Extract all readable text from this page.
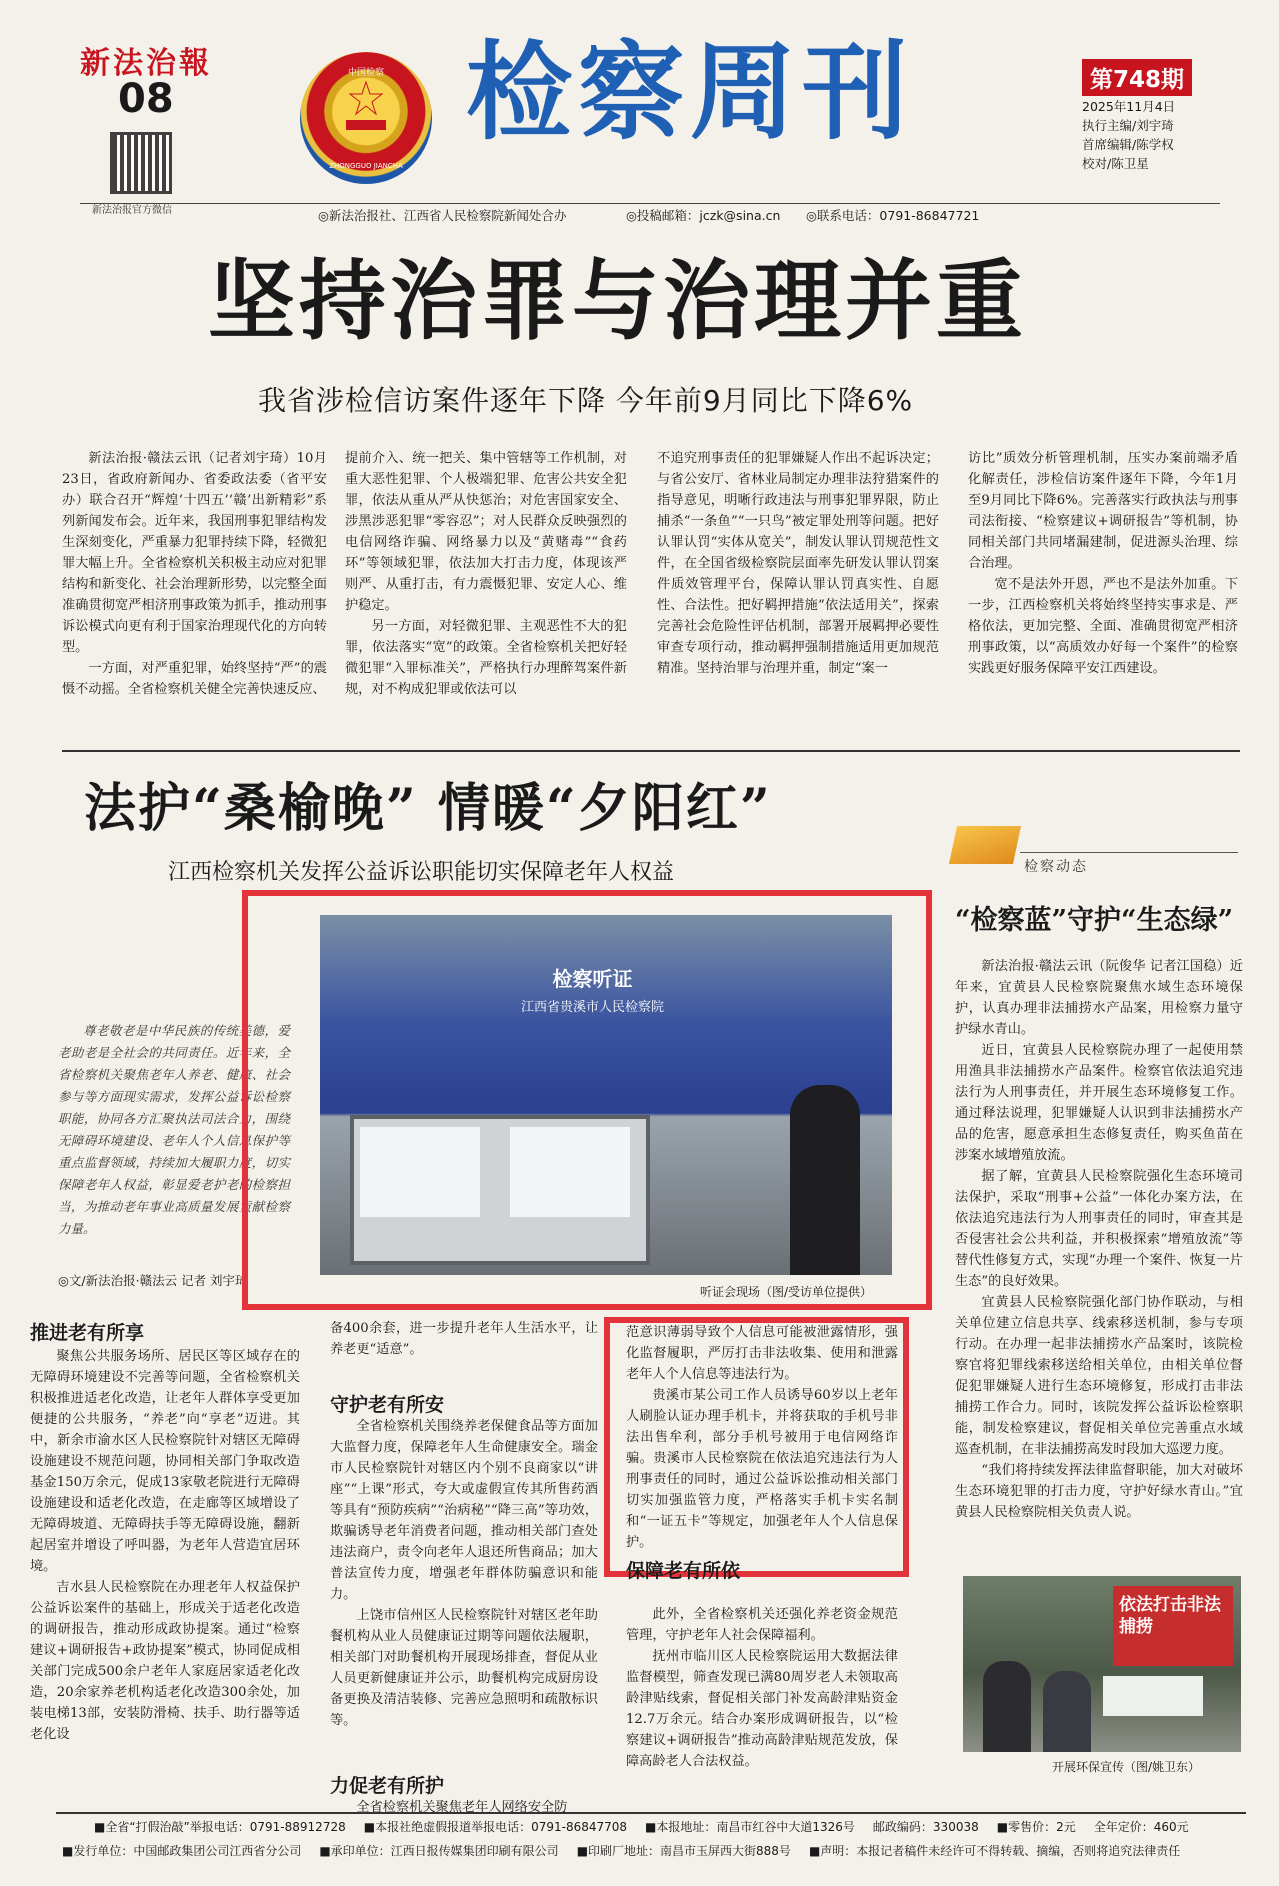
新法治報
08
新法治报官方微信
中国检察
ZHONGGUO JIANCHA
检察周刊	第748期
2025年11月4日
执行主编/刘宇琦
首席编辑/陈学权
校对/陈卫星
◎新法治报社、江西省人民检察院新闻处合办	◎投稿邮箱：jczk@sina.cn ◎联系电话：0791-86847721
坚持治罪与治理并重
我省涉检信访案件逐年下降 今年前9月同比下降6%

新法治报·赣法云讯（记者刘宇琦）10月23日，省政府新闻办、省委政法委（省平安办）联合召开“辉煌‘十四五’‘赣’出新精彩”系列新闻发布会。近年来，我国刑事犯罪结构发生深刻变化，严重暴力犯罪持续下降，轻微犯罪大幅上升。全省检察机关积极主动应对犯罪结构和新变化、社会治理新形势，以完整全面准确贯彻宽严相济刑事政策为抓手，推动刑事诉讼模式向更有利于国家治理现代化的方向转型。

一方面，对严重犯罪，始终坚持“严”的震慑不动摇。全省检察机关健全完善快速反应、

提前介入、统一把关、集中管辖等工作机制，对重大恶性犯罪、个人极端犯罪、危害公共安全犯罪，依法从重从严从快惩治；对危害国家安全、涉黑涉恶犯罪“零容忍”；对人民群众反映强烈的电信网络诈骗、网络暴力以及“黄赌毒”“食药环”等领域犯罪，依法加大打击力度，体现该严则严、从重打击，有力震慑犯罪、安定人心、维护稳定。

另一方面，对轻微犯罪、主观恶性不大的犯罪，依法落实“宽”的政策。全省检察机关把好轻微犯罪“入罪标准关”，严格执行办理醉驾案件新规，对不构成犯罪或依法可以

不追究刑事责任的犯罪嫌疑人作出不起诉决定；与省公安厅、省林业局制定办理非法狩猎案件的指导意见，明晰行政违法与刑事犯罪界限，防止捕杀“一条鱼”“一只鸟”被定罪处刑等问题。把好认罪认罚“实体从宽关”，制发认罪认罚规范性文件，在全国省级检察院层面率先研发认罪认罚案件质效管理平台，保障认罪认罚真实性、自愿性、合法性。把好羁押措施“依法适用关”，探索完善社会危险性评估机制，部署开展羁押必要性审查专项行动，推动羁押强制措施适用更加规范精准。坚持治罪与治理并重，制定“案一

访比”质效分析管理机制，压实办案前端矛盾化解责任，涉检信访案件逐年下降，今年1月至9月同比下降6%。完善落实行政执法与刑事司法衔接、“检察建议+调研报告”等机制，协同相关部门共同堵漏建制，促进源头治理、综合治理。

宽不是法外开恩，严也不是法外加重。下一步，江西检察机关将始终坚持实事求是、严格依法，更加完整、全面、准确贯彻宽严相济刑事政策，以“高质效办好每一个案件”的检察实践更好服务保障平安江西建设。

法护“桑榆晚” 情暖“夕阳红”
江西检察机关发挥公益诉讼职能切实保障老年人权益

尊老敬老是中华民族的传统美德，爱老助老是全社会的共同责任。近年来，全省检察机关聚焦老年人养老、健康、社会参与等方面现实需求，发挥公益诉讼检察职能，协同各方汇聚执法司法合力，围绕无障碍环境建设、老年人个人信息保护等重点监督领域，持续加大履职力度，切实保障老年人权益，彰显爱老护老的检察担当，为推动老年事业高质量发展贡献检察力量。

◎文/新法治报·赣法云 记者 刘宇琦
检察听证
江西省贵溪市人民检察院
听证会现场（图/受访单位提供）
推进老有所享

聚焦公共服务场所、居民区等区域存在的无障碍环境建设不完善等问题，全省检察机关积极推进适老化改造，让老年人群体享受更加便捷的公共服务，“养老”向“享老”迈进。其中，新余市渝水区人民检察院针对辖区无障碍设施建设不规范问题，协同相关部门争取改造基金150万余元，促成13家敬老院进行无障碍设施建设和适老化改造，在走廊等区域增设了无障碍坡道、无障碍扶手等无障碍设施，翻新起居室并增设了呼叫器，为老年人营造宜居环境。

吉水县人民检察院在办理老年人权益保护公益诉讼案件的基础上，形成关于适老化改造的调研报告，推动形成政协提案。通过“检察建议+调研报告+政协提案”模式，协同促成相关部门完成500余户老年人家庭居家适老化改造，20余家养老机构适老化改造300余处，加装电梯13部，安装防滑椅、扶手、助行器等适老化设

备400余套，进一步提升老年人生活水平，让养老更“适意”。

守护老有所安

全省检察机关围绕养老保健食品等方面加大监督力度，保障老年人生命健康安全。瑞金市人民检察院针对辖区内个别不良商家以“讲座”“上课”形式，夸大或虚假宣传其所售药酒等具有“预防疾病”“治病秘”“降三高”等功效，欺骗诱导老年消费者问题，推动相关部门查处违法商户，责令向老年人退还所售商品；加大普法宣传力度，增强老年群体防骗意识和能力。

上饶市信州区人民检察院针对辖区老年助餐机构从业人员健康证过期等问题依法履职，相关部门对助餐机构开展现场排查，督促从业人员更新健康证并公示，助餐机构完成厨房设备更换及清洁装修、完善应急照明和疏散标识等。

力促老有所护

全省检察机关聚焦老年人网络安全防

范意识薄弱导致个人信息可能被泄露情形，强化监督履职，严厉打击非法收集、使用和泄露老年人个人信息等违法行为。

贵溪市某公司工作人员诱导60岁以上老年人刷脸认证办理手机卡，并将获取的手机号非法出售牟利，部分手机号被用于电信网络诈骗。贵溪市人民检察院在依法追究违法行为人刑事责任的同时，通过公益诉讼推动相关部门切实加强监管力度，严格落实手机卡实名制和“一证五卡”等规定，加强老年人个人信息保护。

保障老有所依

此外，全省检察机关还强化养老资金规范管理，守护老年人社会保障福利。

抚州市临川区人民检察院运用大数据法律监督模型，筛查发现已满80周岁老人未领取高龄津贴线索，督促相关部门补发高龄津贴资金12.7万余元。结合办案形成调研报告，以“检察建议+调研报告”推动高龄津贴规范发放，保障高龄老人合法权益。

检察动态
“检察蓝”守护“生态绿”

新法治报·赣法云讯（阮俊华 记者江国稳）近年来，宜黄县人民检察院聚焦水域生态环境保护，认真办理非法捕捞水产品案，用检察力量守护绿水青山。

近日，宜黄县人民检察院办理了一起使用禁用渔具非法捕捞水产品案件。检察官依法追究违法行为人刑事责任，并开展生态环境修复工作。通过释法说理，犯罪嫌疑人认识到非法捕捞水产品的危害，愿意承担生态修复责任，购买鱼苗在涉案水域增殖放流。

据了解，宜黄县人民检察院强化生态环境司法保护，采取“刑事+公益”一体化办案方法，在依法追究违法行为人刑事责任的同时，审查其是否侵害社会公共利益，并积极探索“增殖放流”等替代性修复方式，实现“办理一个案件、恢复一片生态”的良好效果。

宜黄县人民检察院强化部门协作联动，与相关单位建立信息共享、线索移送机制，参与专项行动。在办理一起非法捕捞水产品案时，该院检察官将犯罪线索移送给相关单位，由相关单位督促犯罪嫌疑人进行生态环境修复，形成打击非法捕捞工作合力。同时，该院发挥公益诉讼检察职能，制发检察建议，督促相关单位完善重点水域巡查机制，在非法捕捞高发时段加大巡逻力度。

“我们将持续发挥法律监督职能，加大对破坏生态环境犯罪的打击力度，守护好绿水青山。”宜黄县人民检察院相关负责人说。

依法打击非法捕捞
开展环保宣传（图/姚卫东）
■全省“打假治敲”举报电话：0791-88912728 ■本报社绝虚假报道举报电话：0791-86847708 ■本报地址：南昌市红谷中大道1326号 邮政编码：330038 ■零售价：2元 全年定价：460元
■发行单位：中国邮政集团公司江西省分公司 ■承印单位：江西日报传媒集团印刷有限公司 ■印刷厂地址：南昌市玉屏西大街888号 ■声明：本报记者稿件未经许可不得转载、摘编，否则将追究法律责任
